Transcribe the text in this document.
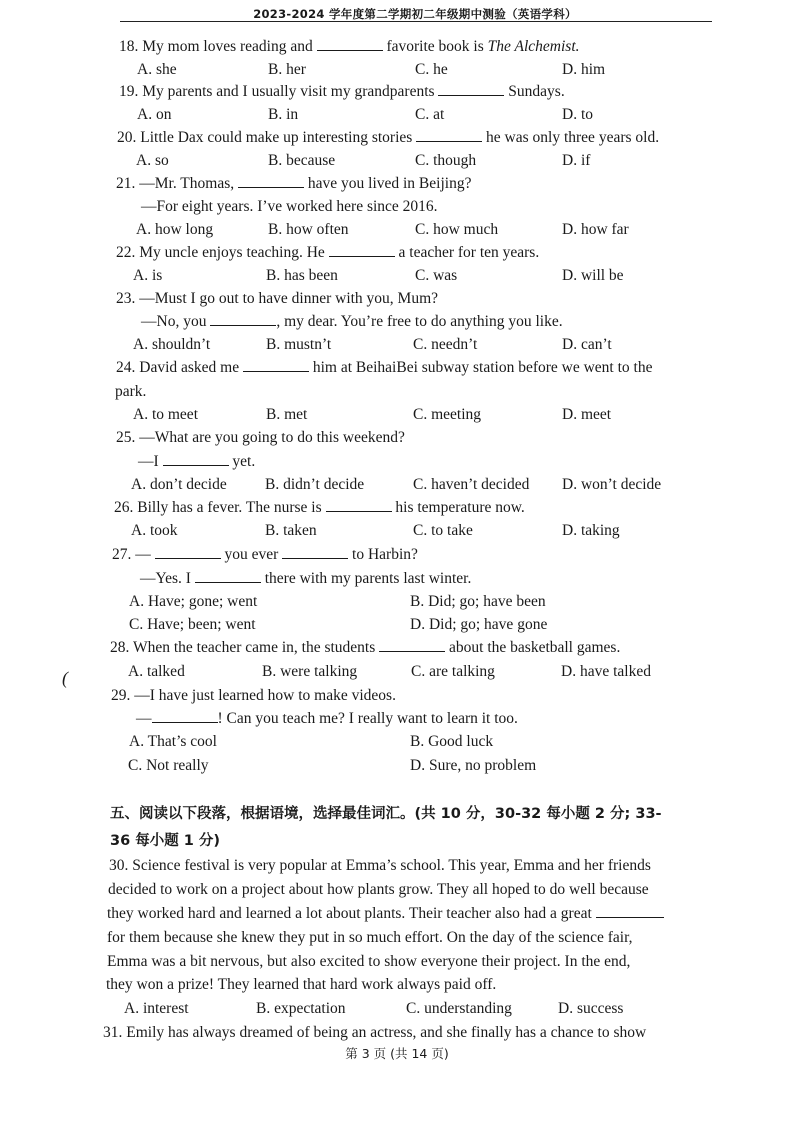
2023-2024 学年度第二学期初二年级期中测验（英语学科）
(
18. My mom loves reading and	favorite book is The Alchemist.
A. she	B. her	C. he	D. him
19. My parents and I usually visit my grandparents	Sundays.
A. on	B. in	C. at	D. to
20. Little Dax could make up interesting stories	he was only three years old.
A. so	B. because	C. though	D. if
21. —Mr. Thomas,	have you lived in Beijing?
—For eight years. I’ve worked here since 2016.
A. how long	B. how often	C. how much	D. how far
22. My uncle enjoys teaching. He	a teacher for ten years.
A. is	B. has been	C. was	D. will be
23. —Must I go out to have dinner with you, Mum?
—No, you	, my dear. You’re free to do anything you like.
A. shouldn’t	B. mustn’t	C. needn’t	D. can’t
24. David asked me	him at BeihaiBei subway station before we went to the
park.
A. to meet	B. met	C. meeting	D. meet
25. —What are you going to do this weekend?
—I	yet.
A. don’t decide B. didn’t decide	C. haven’t decided D. won’t decide
26. Billy has a fever. The nurse is	his temperature now.
A. took	B. taken	C. to take	D. taking
27. —	you ever	to Harbin?
—Yes. I	there with my parents last winter.
A. Have; gone; went	B. Did; go; have been
C. Have; been; went	D. Did; go; have gone
28. When the teacher came in, the students	about the basketball games.
A. talked	B. were talking	C. are talking	D. have talked
29. —I have just learned how to make videos.
—	! Can you teach me? I really want to learn it too.
A. That’s cool	B. Good luck
C. Not really	D. Sure, no problem
五、阅读以下段落，根据语境，选择最佳词汇。(共 10 分，30-32 每小题 2 分; 33-
36 每小题 1 分)
30. Science festival is very popular at Emma’s school. This year, Emma and her friends
decided to work on a project about how plants grow. They all hoped to do well because
they worked hard and learned a lot about plants. Their teacher also had a great
for them because she knew they put in so much effort. On the day of the science fair,
Emma was a bit nervous, but also excited to show everyone their project. In the end,
they won a prize! They learned that hard work always paid off.
A. interest	B. expectation	C. understanding	D. success
31. Emily has always dreamed of being an actress, and she finally has a chance to show
第 3 页 (共 14 页)
